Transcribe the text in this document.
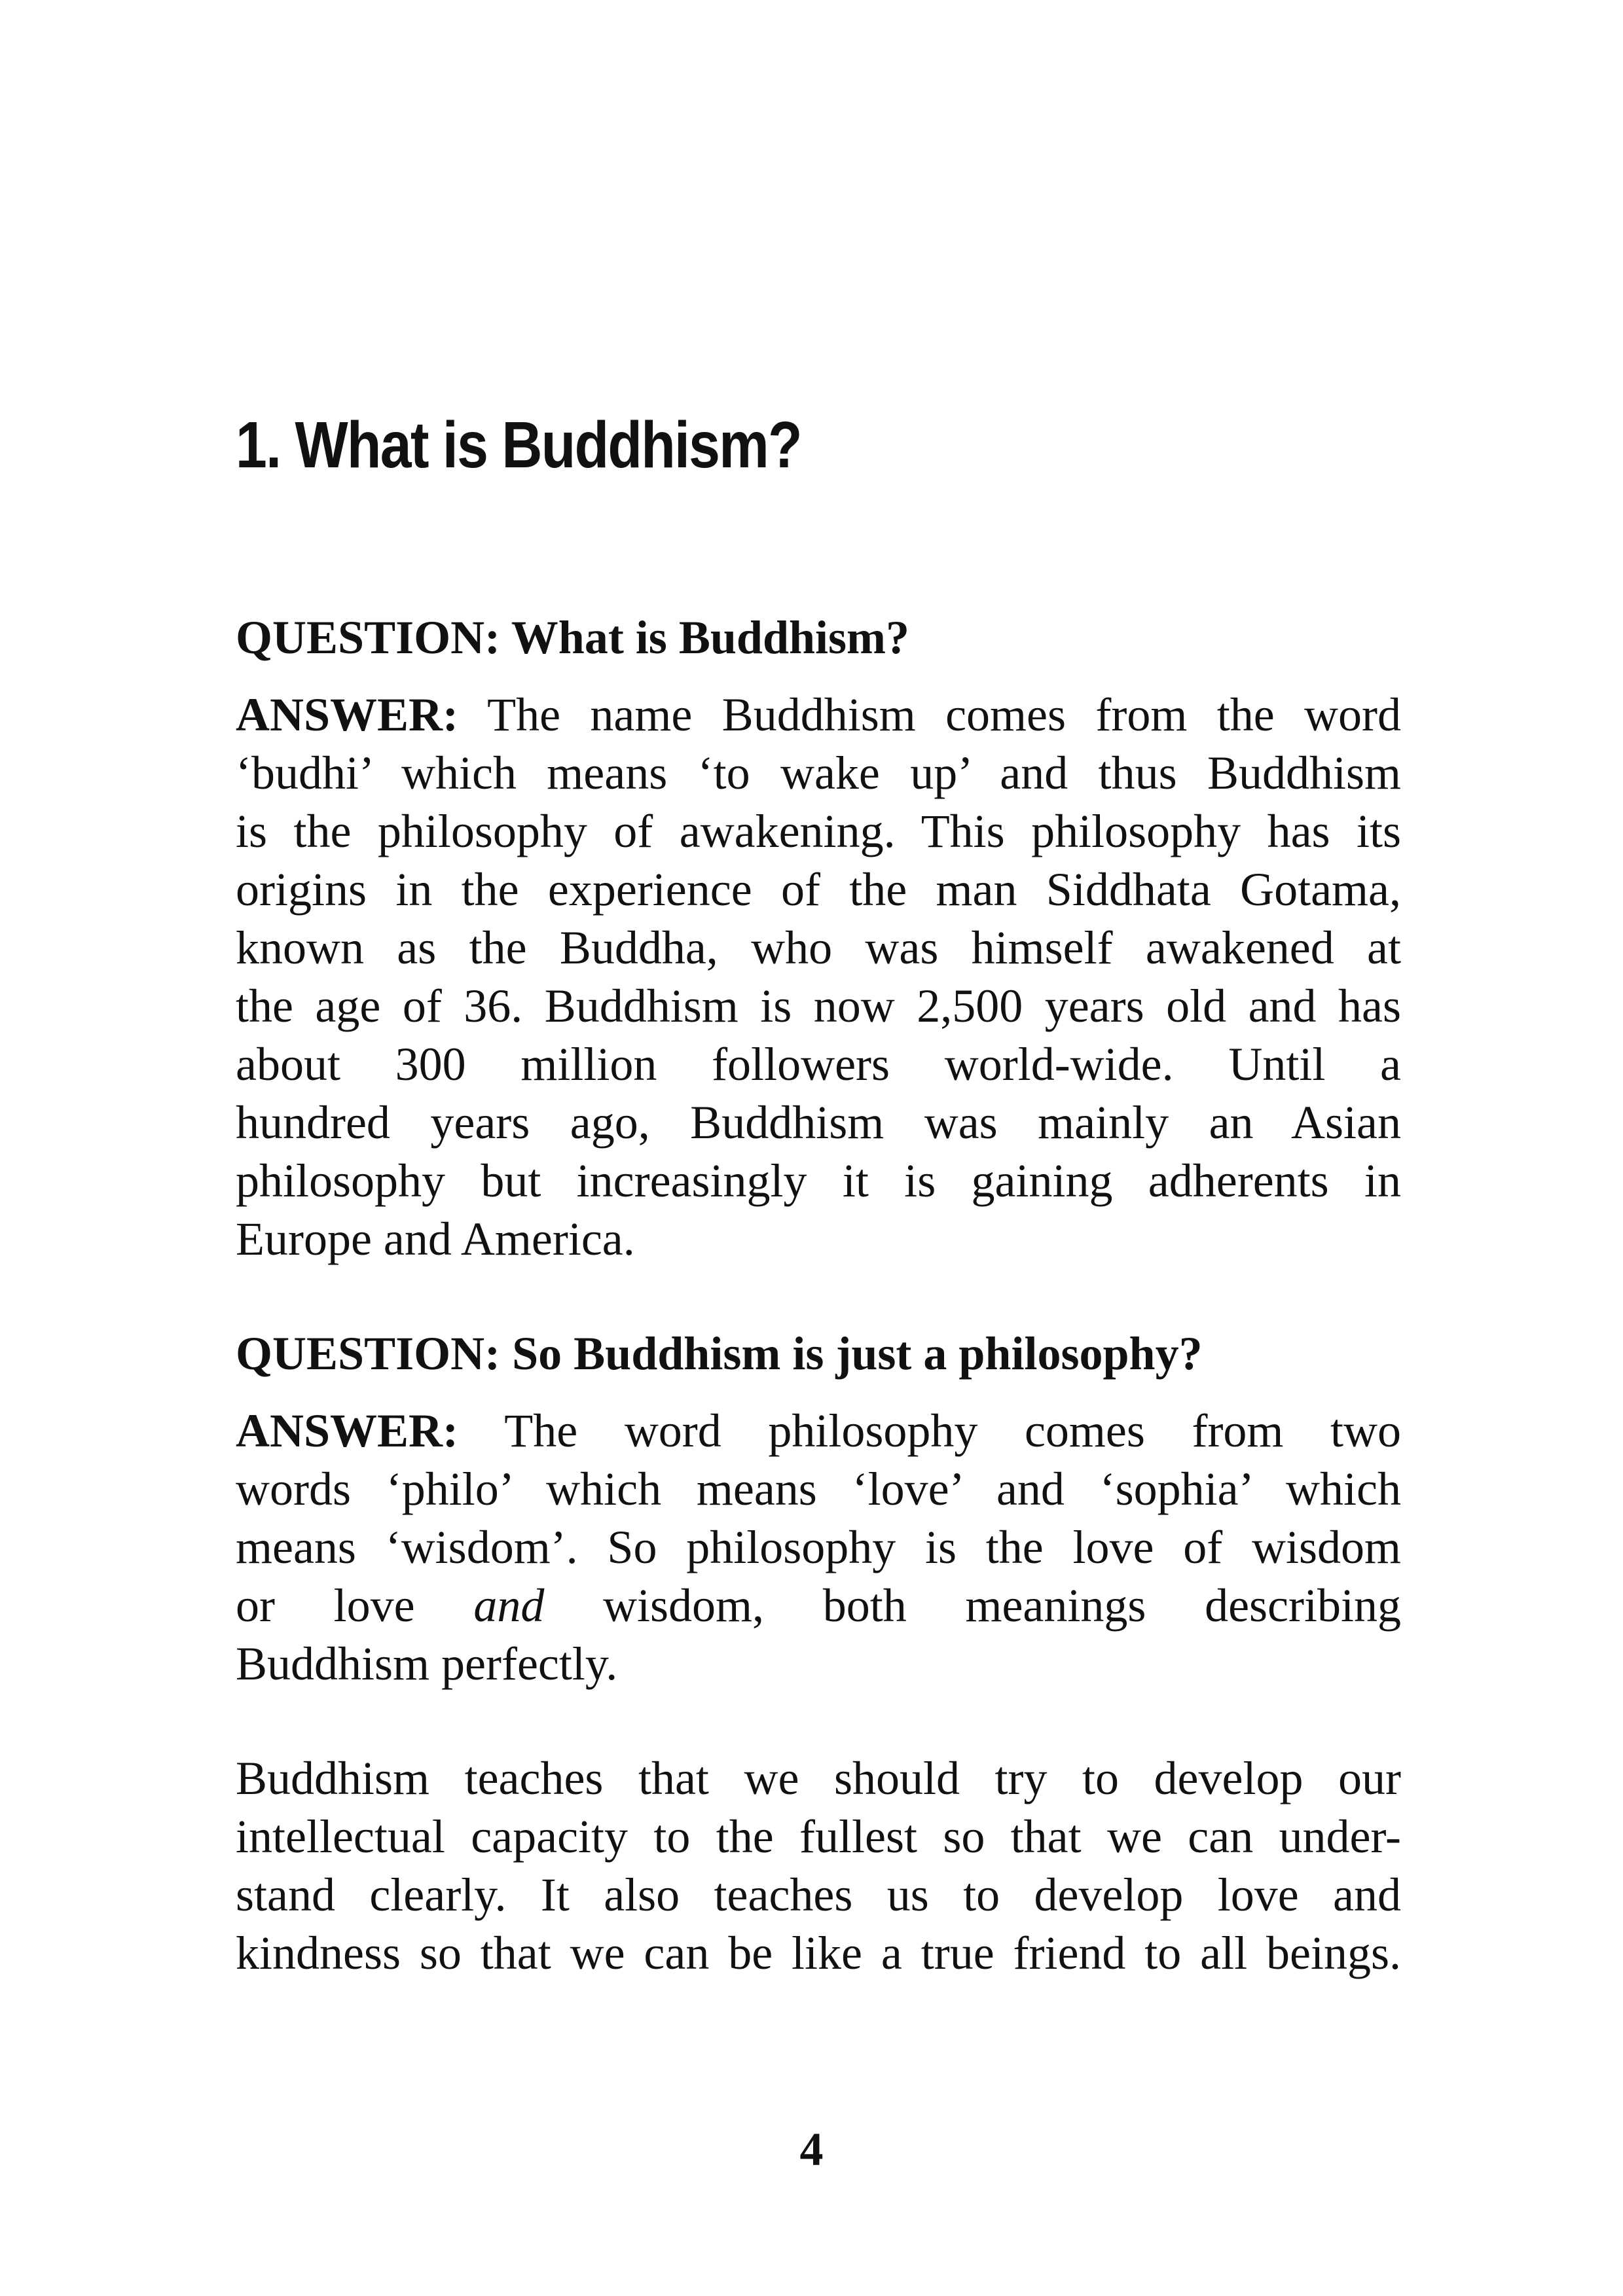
1. What is Buddhism?
QUESTION: What is Buddhism?

ANSWER: The name Buddhism comes from the word
‘budhi’ which means ‘to wake up’ and thus Buddhism
is the philosophy of awakening. This philosophy has its
origins in the experience of the man Siddhata Gotama,
known as the Buddha, who was himself awakened at
the age of 36. Buddhism is now 2,500 years old and has
about 300 million followers world-wide. Until a
hundred years ago, Buddhism was mainly an Asian
philosophy but increasingly it is gaining adherents in
Europe and America.

QUESTION: So Buddhism is just a philosophy?

ANSWER: The word philosophy comes from two
words ‘philo’ which means ‘love’ and ‘sophia’ which
means ‘wisdom’. So philosophy is the love of wisdom
or love and wisdom, both meanings describing
Buddhism perfectly.

Buddhism teaches that we should try to develop our
intellectual capacity to the fullest so that we can under-
stand clearly. It also teaches us to develop love and
kindness so that we can be like a true friend to all beings.

4
